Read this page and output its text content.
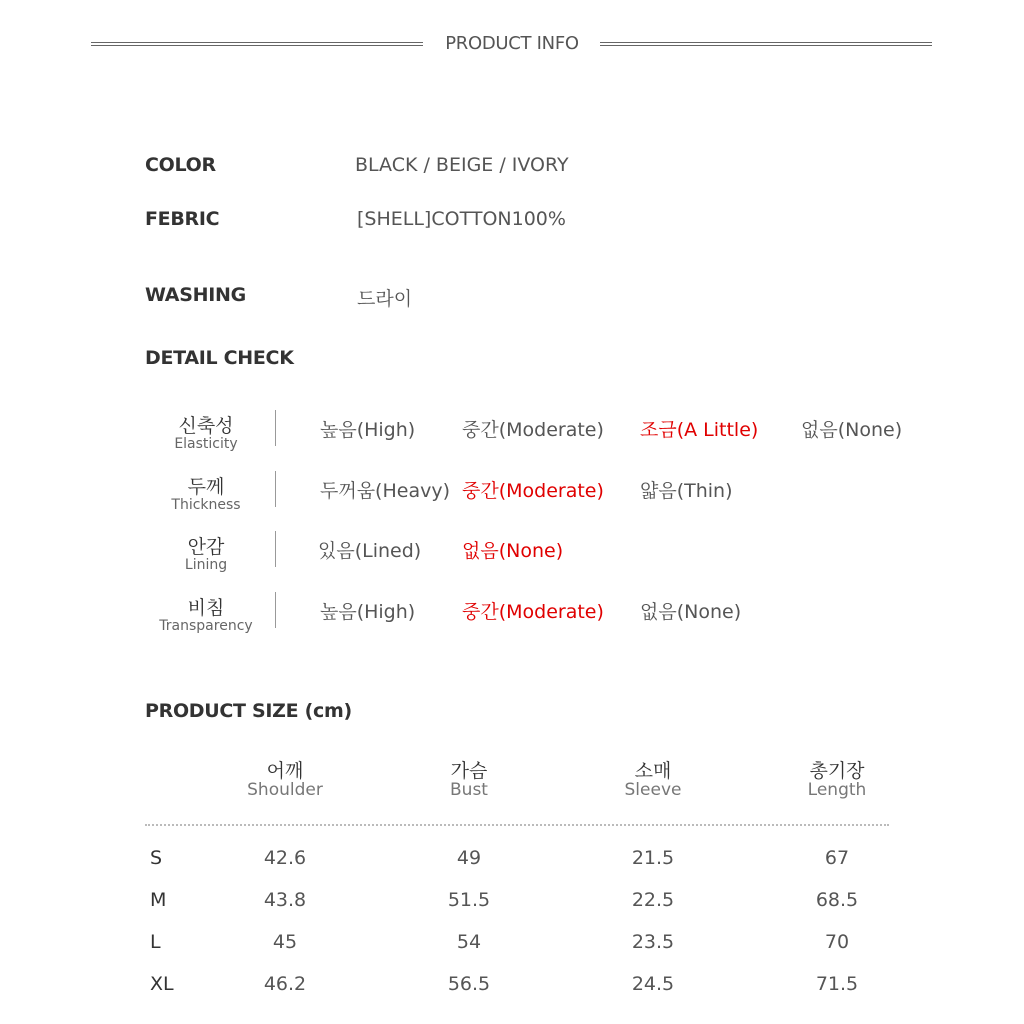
PRODUCT INFO
COLOR	BLACK / BEIGE / IVORY
FEBRIC	[SHELL]COTTON100%
WASHING	드라이
DETAIL CHECK
신축성
Elasticity
높음(High) 중간(Moderate) 조금(A Little) 없음(None)
두께
Thickness
두꺼움(Heavy) 중간(Moderate) 얇음(Thin)
안감
Lining
있음(Lined) 없음(None)
비침
Transparency
높음(High) 중간(Moderate) 없음(None)
PRODUCT SIZE (cm)
어깨
Shoulder
가슴
Bust
소매
Sleeve
총기장
Length
S	42.6	49	21.5	67
M	43.8	51.5	22.5	68.5
L	45	54	23.5	70
XL	46.2	56.5	24.5	71.5
